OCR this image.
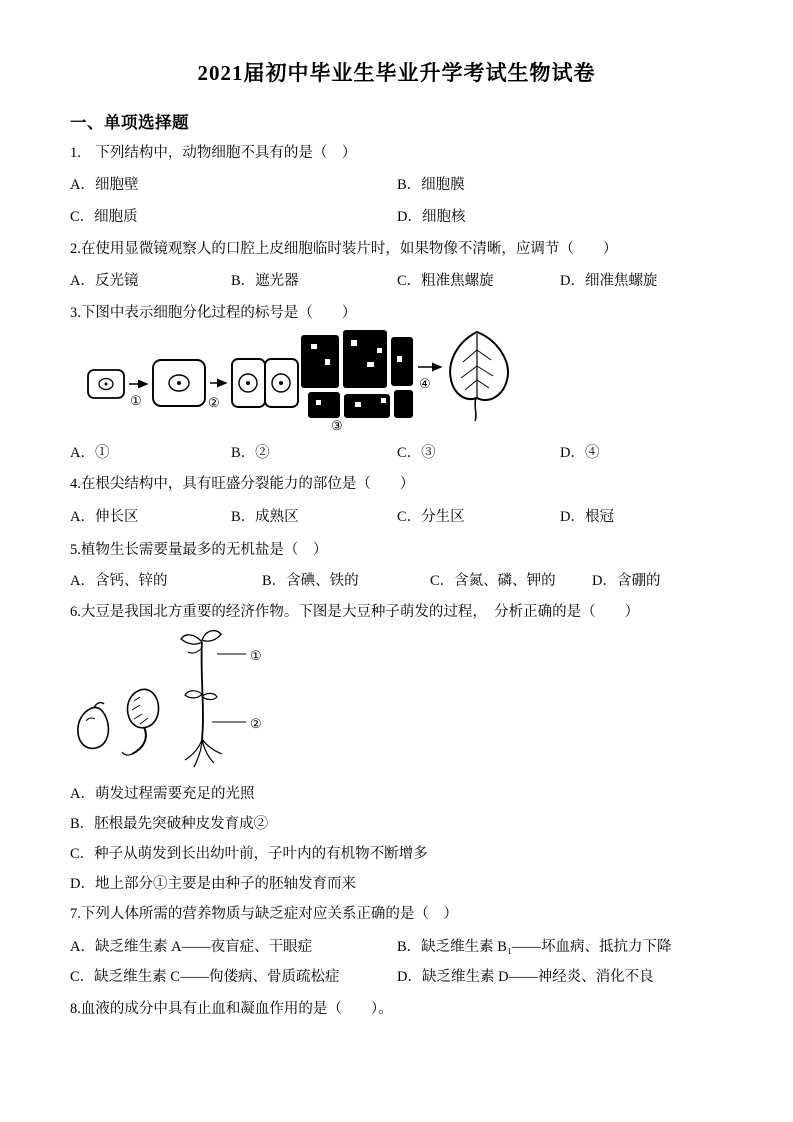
2021届初中毕业生毕业升学考试生物试卷
一、单项选择题

1.　下列结构中，动物细胞不具有的是（　）

A．细胞壁	B．细胞膜
C．细胞质	D．细胞核

2.在使用显微镜观察人的口腔上皮细胞临时装片时，如果物像不清晰，应调节（　　）

A．反光镜	B．遮光器	C．粗准焦螺旋	D．细准焦螺旋

3.下图中表示细胞分化过程的标号是（　　）

①	②
③
④
A．①	B．②	C．③	D．④

4.在根尖结构中，具有旺盛分裂能力的部位是（　　）

A．伸长区	B．成熟区	C．分生区	D．根冠

5.植物生长需要量最多的无机盐是（　）

A．含钙、锌的	B．含碘、铁的	C．含氮、磷、钾的	D．含硼的

6.大豆是我国北方重要的经济作物。下图是大豆种子萌发的过程，　分析正确的是（　　）

①
②

A．萌发过程需要充足的光照

B．胚根最先突破种皮发育成②

C．种子从萌发到长出幼叶前，子叶内的有机物不断增多

D．地上部分①主要是由种子的胚轴发育而来

7.下列人体所需的营养物质与缺乏症对应关系正确的是（　）

A．缺乏维生素 A——夜盲症、干眼症	B．缺乏维生素 B₁——坏血病、抵抗力下降
C．缺乏维生素 C——佝偻病、骨质疏松症	D．缺乏维生素 D——神经炎、消化不良

8.血液的成分中具有止血和凝血作用的是（　　）。
